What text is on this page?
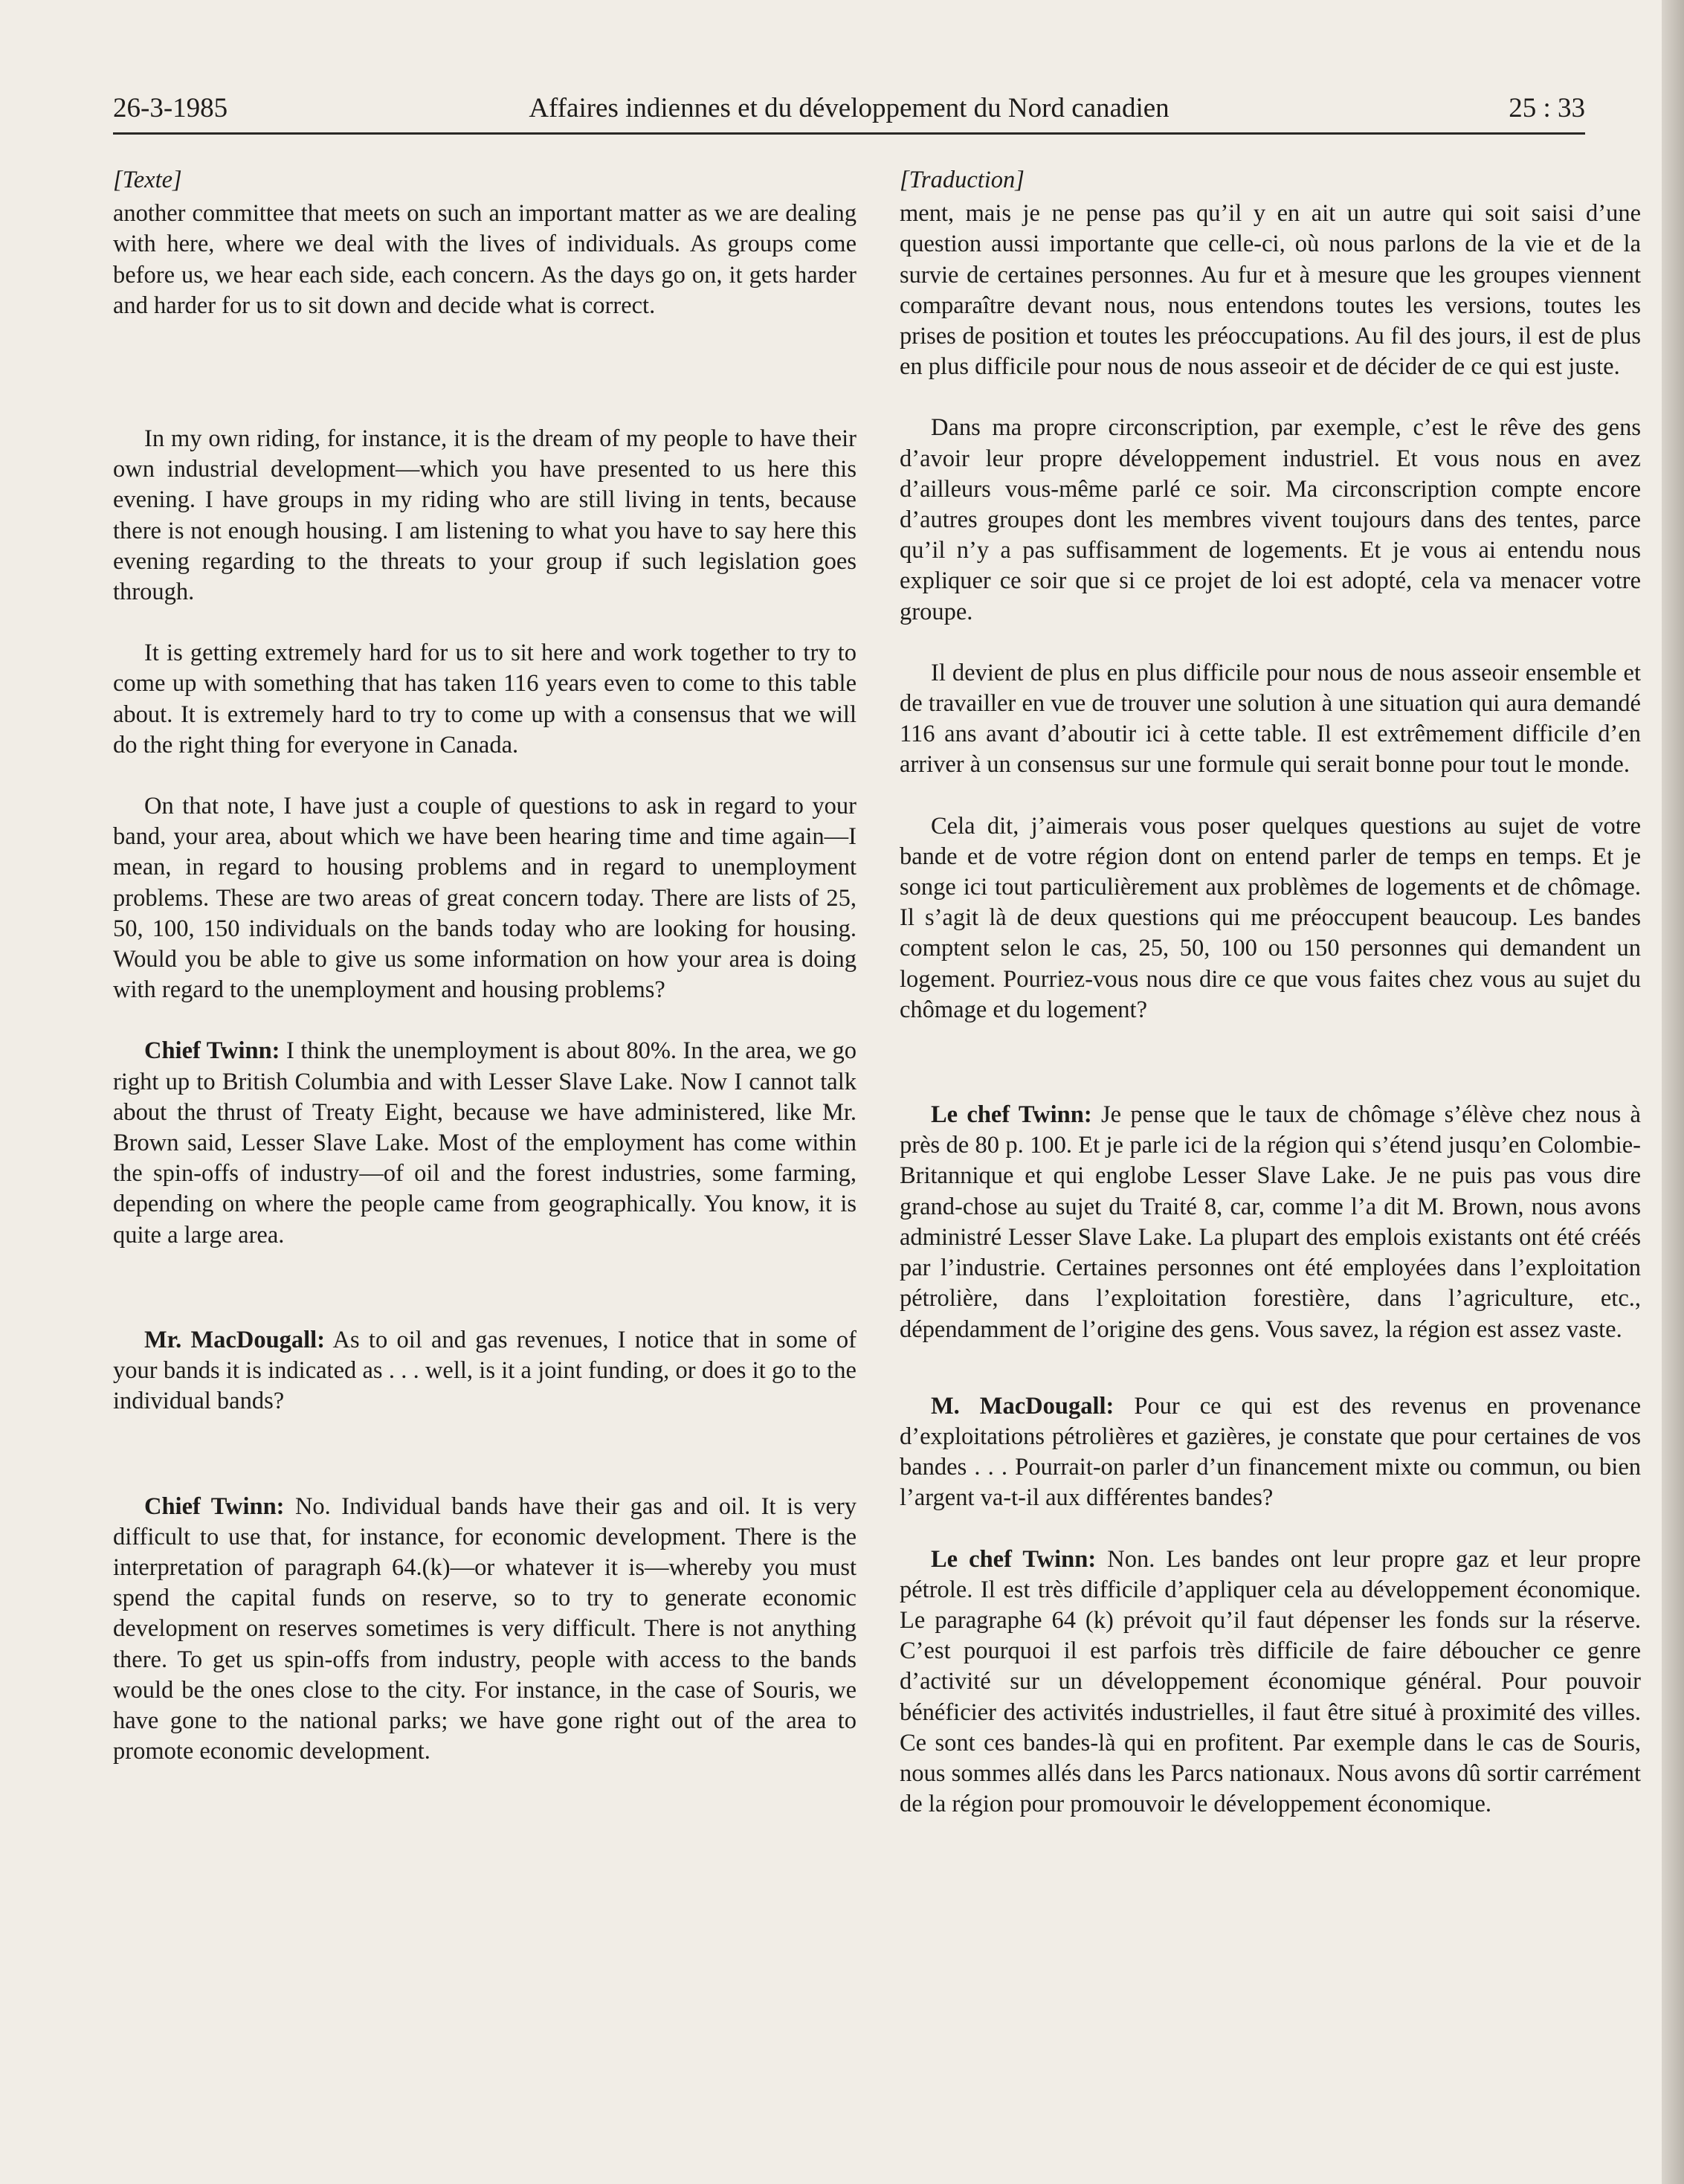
26-3-1985	Affaires indiennes et du développement du Nord canadien	25 : 33

[Texte]

another committee that meets on such an important matter as we are dealing with here, where we deal with the lives of individuals. As groups come before us, we hear each side, each concern. As the days go on, it gets harder and harder for us to sit down and decide what is correct.

In my own riding, for instance, it is the dream of my people to have their own industrial development—which you have presented to us here this evening. I have groups in my riding who are still living in tents, because there is not enough housing. I am listening to what you have to say here this evening regarding to the threats to your group if such legislation goes through.

It is getting extremely hard for us to sit here and work together to try to come up with something that has taken 116 years even to come to this table about. It is extremely hard to try to come up with a consensus that we will do the right thing for everyone in Canada.

On that note, I have just a couple of questions to ask in regard to your band, your area, about which we have been hearing time and time again—I mean, in regard to housing problems and in regard to unemployment problems. These are two areas of great concern today. There are lists of 25, 50, 100, 150 individuals on the bands today who are looking for housing. Would you be able to give us some information on how your area is doing with regard to the unemployment and housing problems?

Chief Twinn: I think the unemployment is about 80%. In the area, we go right up to British Columbia and with Lesser Slave Lake. Now I cannot talk about the thrust of Treaty Eight, because we have administered, like Mr. Brown said, Lesser Slave Lake. Most of the employment has come within the spin-offs of industry—of oil and the forest industries, some farming, depending on where the people came from geographically. You know, it is quite a large area.

Mr. MacDougall: As to oil and gas revenues, I notice that in some of your bands it is indicated as . . . well, is it a joint funding, or does it go to the individual bands?

Chief Twinn: No. Individual bands have their gas and oil. It is very difficult to use that, for instance, for economic development. There is the interpretation of paragraph 64.(k)—or whatever it is—whereby you must spend the capital funds on reserve, so to try to generate economic development on reserves sometimes is very difficult. There is not anything there. To get us spin-offs from industry, people with access to the bands would be the ones close to the city. For instance, in the case of Souris, we have gone to the national parks; we have gone right out of the area to promote economic development.

[Traduction]

ment, mais je ne pense pas qu’il y en ait un autre qui soit saisi d’une question aussi importante que celle-ci, où nous parlons de la vie et de la survie de certaines personnes. Au fur et à mesure que les groupes viennent comparaître devant nous, nous entendons toutes les versions, toutes les prises de position et toutes les préoccupations. Au fil des jours, il est de plus en plus difficile pour nous de nous asseoir et de décider de ce qui est juste.

Dans ma propre circonscription, par exemple, c’est le rêve des gens d’avoir leur propre développement industriel. Et vous nous en avez d’ailleurs vous-même parlé ce soir. Ma circonscription compte encore d’autres groupes dont les membres vivent toujours dans des tentes, parce qu’il n’y a pas suffisamment de logements. Et je vous ai entendu nous expliquer ce soir que si ce projet de loi est adopté, cela va menacer votre groupe.

Il devient de plus en plus difficile pour nous de nous asseoir ensemble et de travailler en vue de trouver une solution à une situation qui aura demandé 116 ans avant d’aboutir ici à cette table. Il est extrêmement difficile d’en arriver à un consensus sur une formule qui serait bonne pour tout le monde.

Cela dit, j’aimerais vous poser quelques questions au sujet de votre bande et de votre région dont on entend parler de temps en temps. Et je songe ici tout particulièrement aux problèmes de logements et de chômage. Il s’agit là de deux questions qui me préoccupent beaucoup. Les bandes comptent selon le cas, 25, 50, 100 ou 150 personnes qui demandent un logement. Pourriez-vous nous dire ce que vous faites chez vous au sujet du chômage et du logement?

Le chef Twinn: Je pense que le taux de chômage s’élève chez nous à près de 80 p. 100. Et je parle ici de la région qui s’étend jusqu’en Colombie-Britannique et qui englobe Lesser Slave Lake. Je ne puis pas vous dire grand-chose au sujet du Traité 8, car, comme l’a dit M. Brown, nous avons administré Lesser Slave Lake. La plupart des emplois existants ont été créés par l’industrie. Certaines personnes ont été employées dans l’exploitation pétrolière, dans l’exploitation forestière, dans l’agriculture, etc., dépendamment de l’origine des gens. Vous savez, la région est assez vaste.

M. MacDougall: Pour ce qui est des revenus en provenance d’exploitations pétrolières et gazières, je constate que pour certaines de vos bandes . . . Pourrait-on parler d’un financement mixte ou commun, ou bien l’argent va-t-il aux différentes bandes?

Le chef Twinn: Non. Les bandes ont leur propre gaz et leur propre pétrole. Il est très difficile d’appliquer cela au développement économique. Le paragraphe 64 (k) prévoit qu’il faut dépenser les fonds sur la réserve. C’est pourquoi il est parfois très difficile de faire déboucher ce genre d’activité sur un développement économique général. Pour pouvoir bénéficier des activités industrielles, il faut être situé à proximité des villes. Ce sont ces bandes-là qui en profitent. Par exemple dans le cas de Souris, nous sommes allés dans les Parcs nationaux. Nous avons dû sortir carrément de la région pour promouvoir le développement économique.
